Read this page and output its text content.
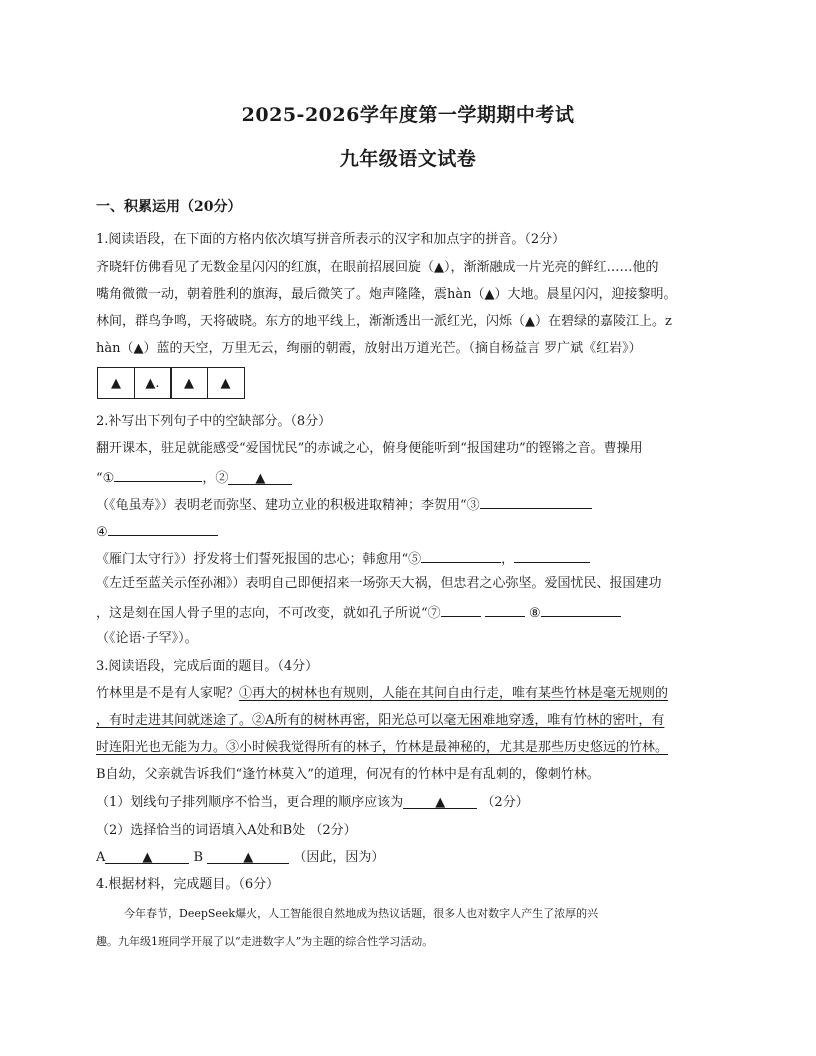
2025-2026学年度第一学期期中考试
九年级语文试卷
一、积累运用（20分）
1.阅读语段，在下面的方格内依次填写拼音所表示的汉字和加点字的拼音。（2分）
齐晓轩仿佛看见了无数金星闪闪的红旗，在眼前招展回旋（▲），渐渐融成一片光亮的鲜红……他的
嘴角微微一动，朝着胜利的旗海，最后微笑了。炮声隆隆，震hàn（▲）大地。晨星闪闪，迎接黎明。
林间，群鸟争鸣，天将破晓。东方的地平线上，渐渐透出一派红光，闪烁（▲）在碧绿的嘉陵江上。z
hàn（▲）蓝的天空，万里无云，绚丽的朝霞，放射出万道光芒。（摘自杨益言 罗广斌《红岩》）
▲	▲.	▲	▲
2.补写出下列句子中的空缺部分。（8分）
翻开课本，驻足就能感受“爱国忧民”的赤诚之心，俯身便能听到“报国建功”的铿锵之音。曹操用
“①	，② ▲
（《龟虽寿》）表明老而弥坚、建功立业的积极进取精神；李贺用“③
④
《雁门太守行》）抒发将士们誓死报国的忠心；韩愈用“⑤	，
《左迁至蓝关示侄孙湘》）表明自己即便招来一场弥天大祸，但忠君之心弥坚。爱国忧民、报国建功
，这是刻在国人骨子里的志向，不可改变，就如孔子所说“⑦	⑧
（《论语·子罕》）。
3.阅读语段，完成后面的题目。（4分）
竹林里是不是有人家呢？①再大的树林也有规则，人能在其间自由行走，唯有某些竹林是毫无规则的
，有时走进其间就迷途了。②A所有的树林再密，阳光总可以毫无困难地穿透，唯有竹林的密叶，有
时连阳光也无能为力。③小时候我觉得所有的林子，竹林是最神秘的，尤其是那些历史悠远的竹林。
B自幼，父亲就告诉我们“逢竹林莫入”的道理，何况有的竹林中是有乱刺的，像刺竹林。
（1）划线句子排列顺序不恰当，更合理的顺序应该为 ▲	（2分）
（2）选择恰当的词语填入A处和B处 （2分）
A	▲	B	▲	（因此，因为）
4.根据材料，完成题目。（6分）
今年春节，DeepSeek爆火，人工智能很自然地成为热议话题，很多人也对数字人产生了浓厚的兴
趣。九年级1班同学开展了以“走进数字人”为主题的综合性学习活动。
